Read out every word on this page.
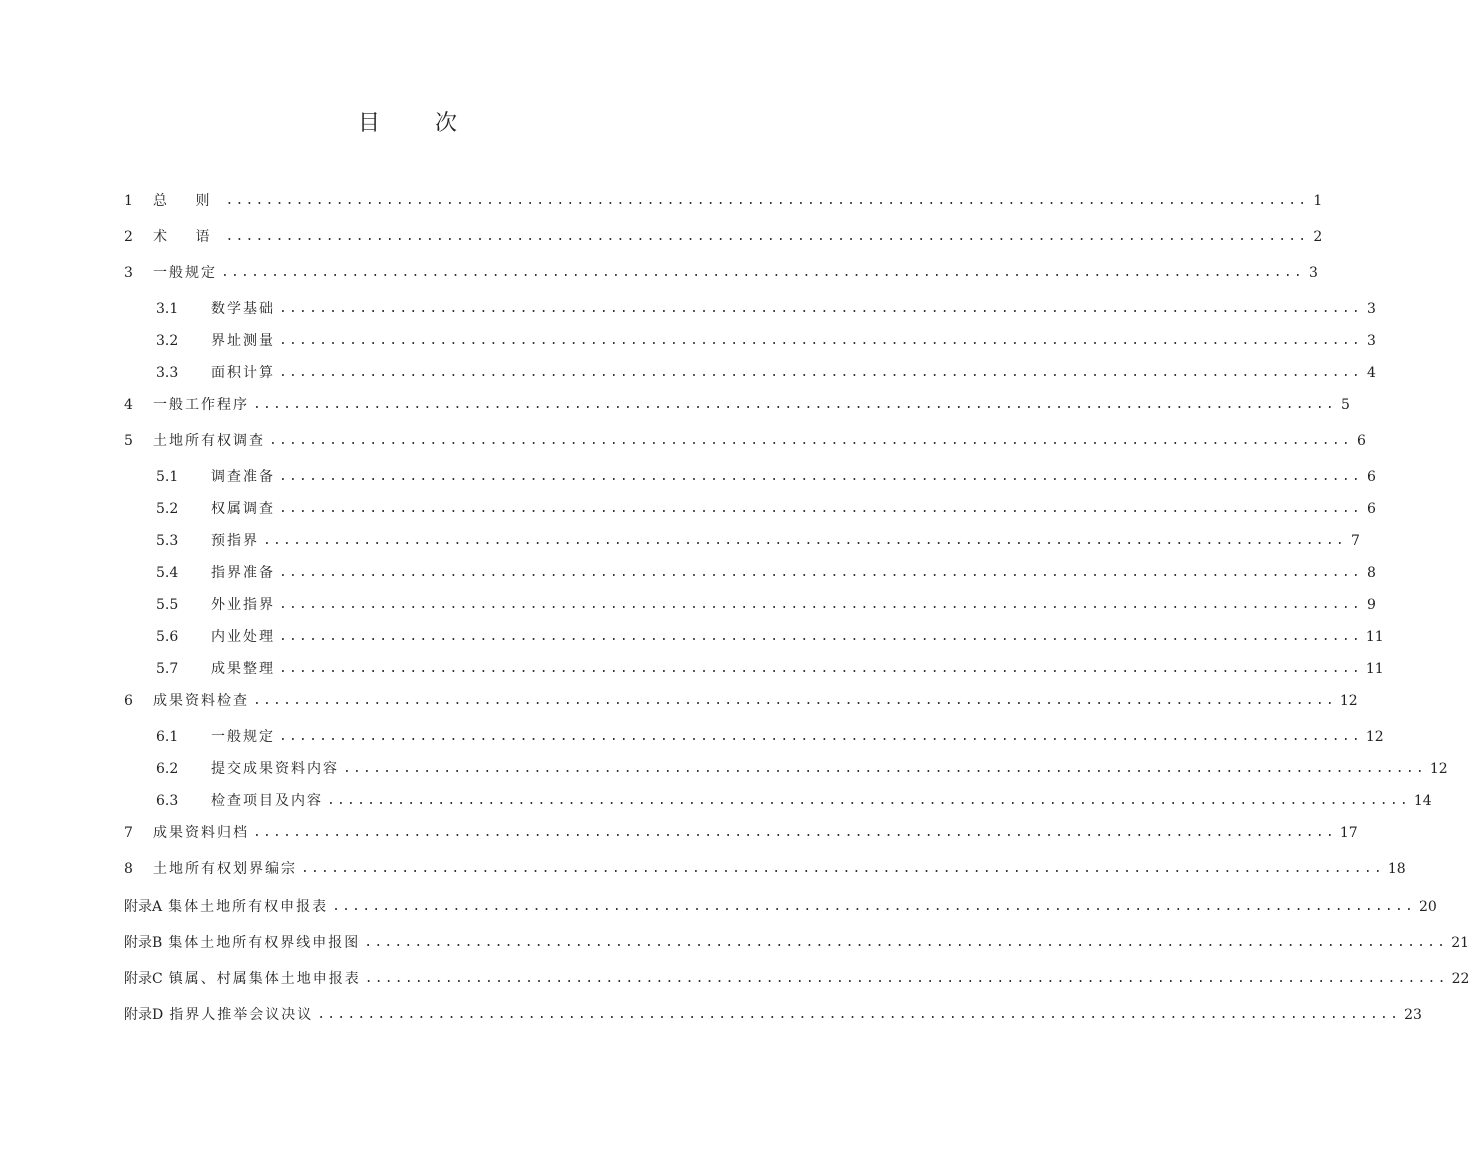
目 次
1	总 则 ............................................................................................................ 1
2	术 语 ............................................................................................................ 2
3	一般规定 ............................................................................................................ 3
3.1	数学基础 ............................................................................................................ 3
3.2	界址测量 ............................................................................................................ 3
3.3	面积计算 ............................................................................................................ 4
4	一般工作程序 ............................................................................................................ 5
5	土地所有权调查 ............................................................................................................ 6
5.1	调查准备 ............................................................................................................ 6
5.2	权属调查 ............................................................................................................ 6
5.3	预指界 ............................................................................................................ 7
5.4	指界准备 ............................................................................................................ 8
5.5	外业指界 ............................................................................................................ 9
5.6	内业处理 ............................................................................................................ 11
5.7	成果整理 ............................................................................................................ 11
6	成果资料检查 ............................................................................................................ 12
6.1	一般规定 ............................................................................................................ 12
6.2	提交成果资料内容 ............................................................................................................ 12
6.3	检查项目及内容 ............................................................................................................ 14
7	成果资料归档 ............................................................................................................ 17
8	土地所有权划界编宗 ............................................................................................................ 18
附录A 集体土地所有权申报表 ............................................................................................................ 20
附录B 集体土地所有权界线申报图 ............................................................................................................ 21
附录C 镇属、村属集体土地申报表 ............................................................................................................ 22
附录D 指界人推举会议决议 ............................................................................................................ 23
